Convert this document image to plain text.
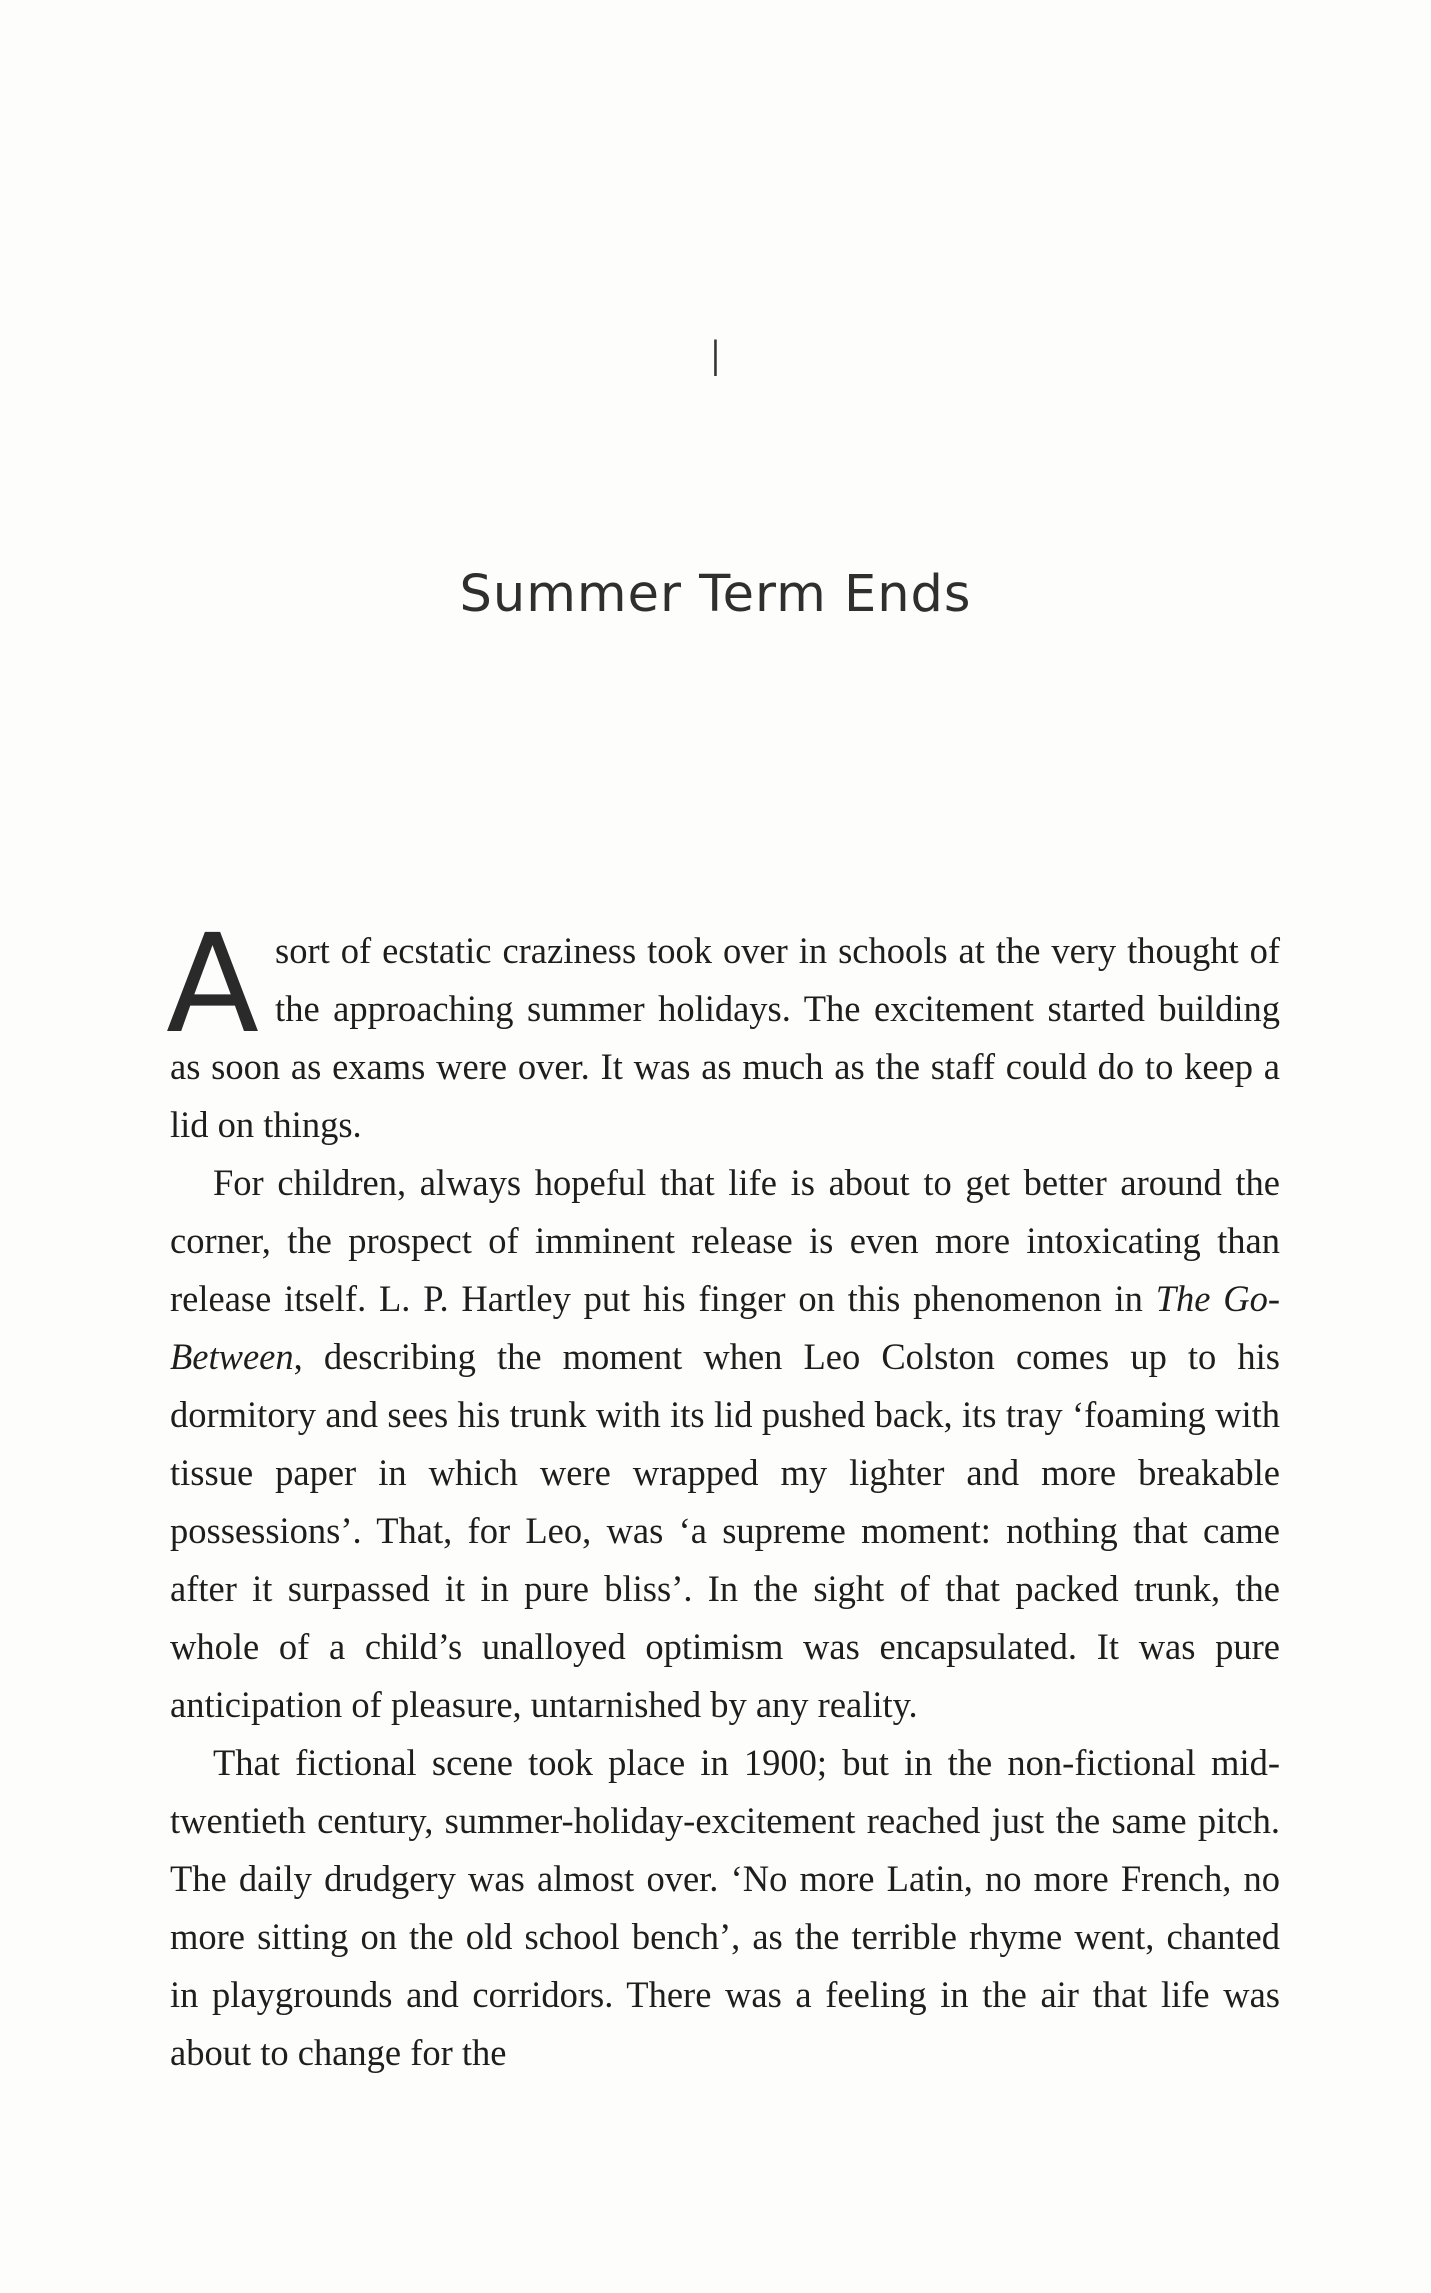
I
Summer Term Ends

A sort of ecstatic craziness took over in schools at the very thought of the approaching summer holidays. The excitement started building as soon as exams were over. It was as much as the staff could do to keep a lid on things.

For children, always hopeful that life is about to get better around the corner, the prospect of imminent release is even more intoxicating than release itself. L. P. Hartley put his finger on this phenomenon in The Go-Between, describing the moment when Leo Colston comes up to his dormitory and sees his trunk with its lid pushed back, its tray ‘foaming with tissue paper in which were wrapped my lighter and more breakable possessions’. That, for Leo, was ‘a supreme moment: nothing that came after it surpassed it in pure bliss’. In the sight of that packed trunk, the whole of a child’s unalloyed optimism was encapsulated. It was pure anticipation of pleasure, untarnished by any reality.

That fictional scene took place in 1900; but in the non-fictional mid-twentieth century, summer-holiday-excitement reached just the same pitch. The daily drudgery was almost over. ‘No more Latin, no more French, no more sitting on the old school bench’, as the terrible rhyme went, chanted in playgrounds and corridors. There was a feeling in the air that life was about to change for the
